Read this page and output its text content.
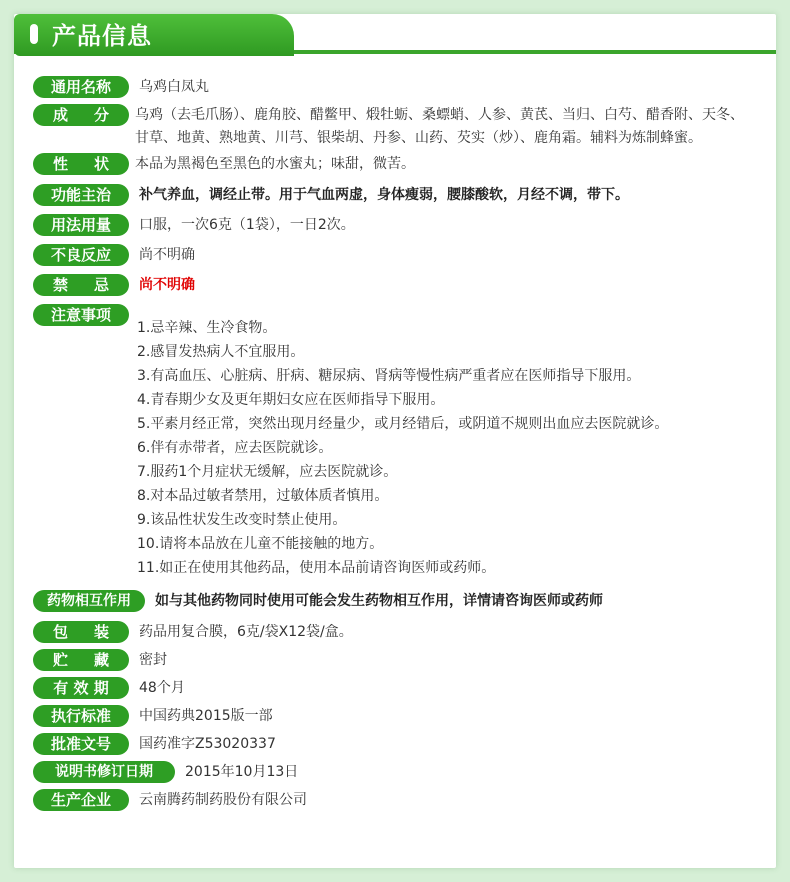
产品信息
通用名称	乌鸡白凤丸
成 分	乌鸡（去毛爪肠）、鹿角胶、醋鳖甲、煅牡蛎、桑螵蛸、人参、黄芪、当归、白芍、醋香附、天冬、
甘草、地黄、熟地黄、川芎、银柴胡、丹参、山药、芡实（炒）、鹿角霜。辅料为炼制蜂蜜。
性 状	本品为黑褐色至黑色的水蜜丸；味甜，微苦。
功能主治	补气养血，调经止带。用于气血两虚，身体瘦弱，腰膝酸软，月经不调，带下。
用法用量	口服，一次6克（1袋），一日2次。
不良反应	尚不明确
禁 忌	尚不明确
注意事项
1.忌辛辣、生冷食物。
2.感冒发热病人不宜服用。
3.有高血压、心脏病、肝病、糖尿病、肾病等慢性病严重者应在医师指导下服用。
4.青春期少女及更年期妇女应在医师指导下服用。
5.平素月经正常，突然出现月经量少，或月经错后，或阴道不规则出血应去医院就诊。
6.伴有赤带者，应去医院就诊。
7.服药1个月症状无缓解，应去医院就诊。
8.对本品过敏者禁用，过敏体质者慎用。
9.该品性状发生改变时禁止使用。
10.请将本品放在儿童不能接触的地方。
11.如正在使用其他药品，使用本品前请咨询医师或药师。
药物相互作用	如与其他药物同时使用可能会发生药物相互作用，详情请咨询医师或药师
包 装	药品用复合膜，6克/袋X12袋/盒。
贮 藏	密封
有 效 期	48个月
执行标准	中国药典2015版一部
批准文号	国药准字Z53020337
说明书修订日期	2015年10月13日
生产企业	云南腾药制药股份有限公司
